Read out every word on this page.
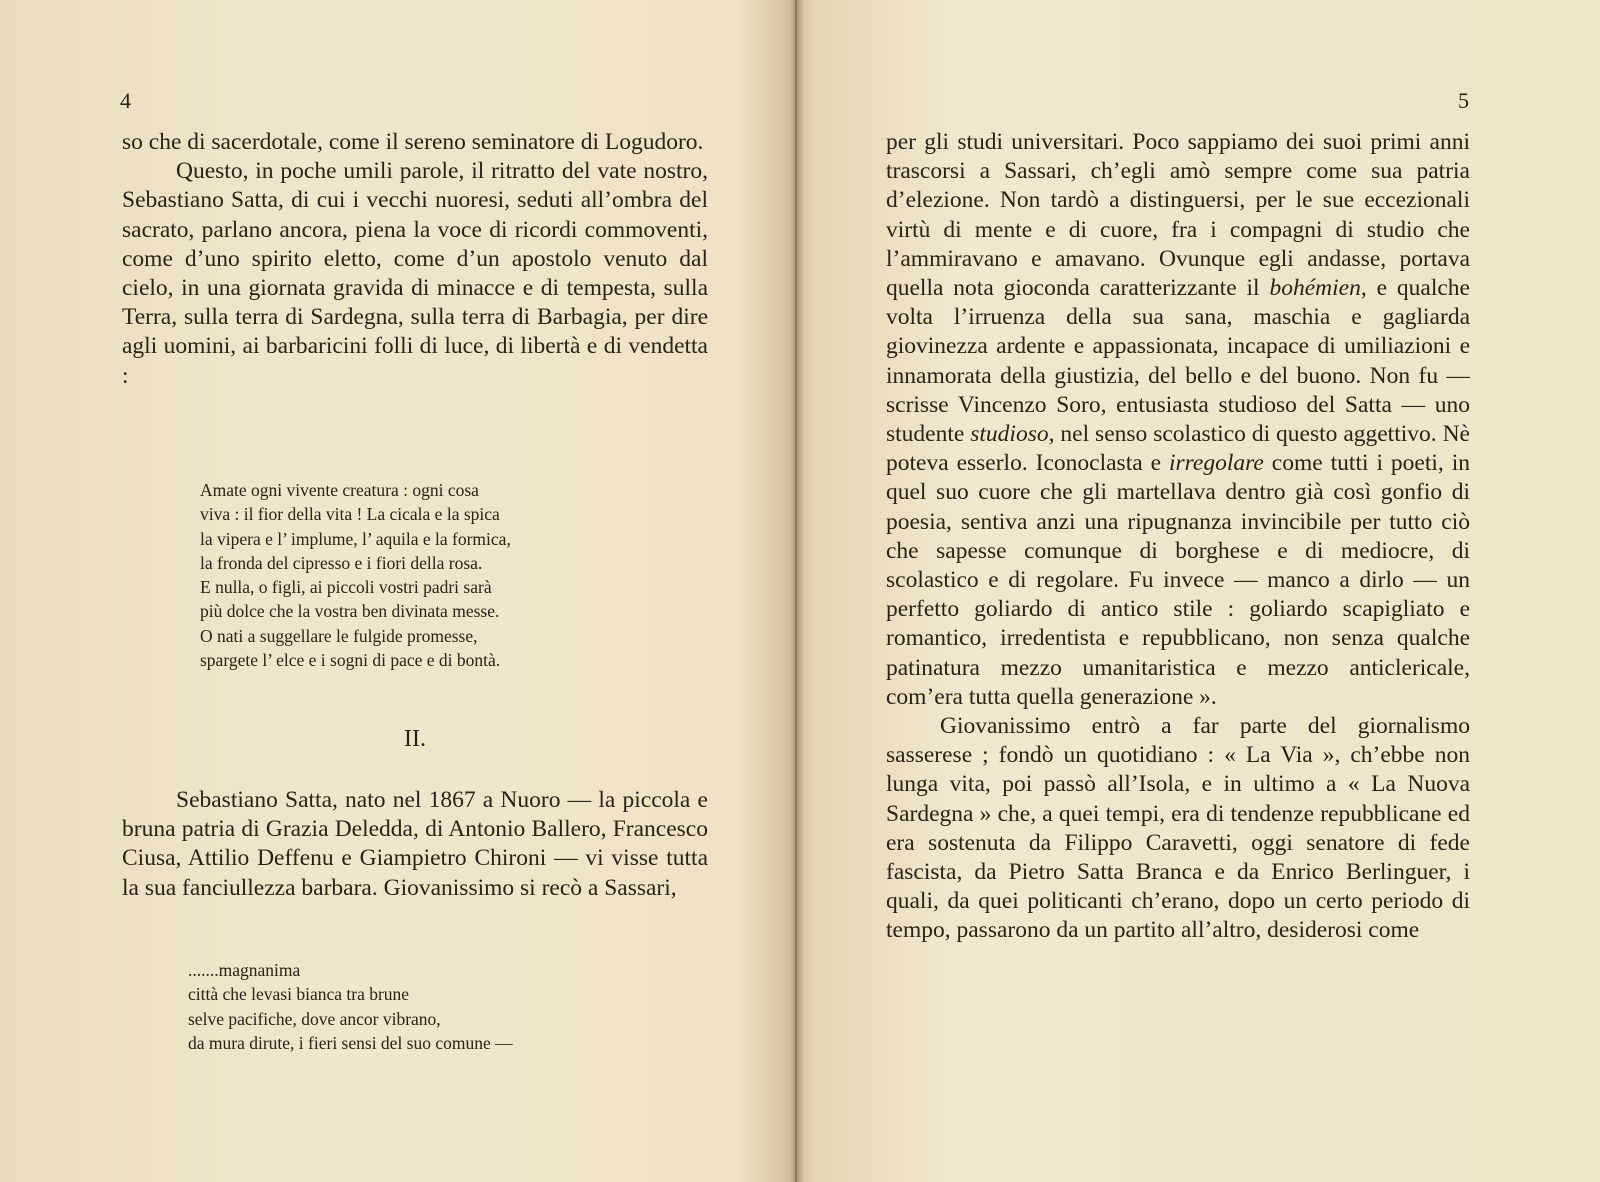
4

so che di sacerdotale, come il sereno seminatore di Logudoro.

Questo, in poche umili parole, il ritratto del vate nostro, Sebastiano Satta, di cui i vecchi nuoresi, seduti all’ombra del sacrato, parlano ancora, piena la voce di ricordi commoventi, come d’uno spirito eletto, come d’un apostolo venuto dal cielo, in una giornata gravida di minacce e di tempesta, sulla Terra, sulla terra di Sardegna, sulla terra di Barbagia, per dire agli uomini, ai barbaricini folli di luce, di libertà e di vendetta :

Amate ogni vivente creatura : ogni cosa
viva : il fior della vita ! La cicala e la spica
la vipera e l’ implume, l’ aquila e la formica,
la fronda del cipresso e i fiori della rosa.
E nulla, o figli, ai piccoli vostri padri sarà
più dolce che la vostra ben divinata messe.
O nati a suggellare le fulgide promesse,
spargete l’ elce e i sogni di pace e di bontà.
II.

Sebastiano Satta, nato nel 1867 a Nuoro — la piccola e bruna patria di Grazia Deledda, di Antonio Ballero, Francesco Ciusa, Attilio Deffenu e Giampietro Chironi — vi visse tutta la sua fanciullezza barbara. Giovanissimo si recò a Sassari,

.......magnanima
città che levasi bianca tra brune
selve pacifiche, dove ancor vibrano,
da mura dirute, i fieri sensi del suo comune —
5

per gli studi universitari. Poco sappiamo dei suoi primi anni trascorsi a Sassari, ch’egli amò sempre come sua patria d’elezione. Non tardò a distinguersi, per le sue eccezionali virtù di mente e di cuore, fra i compagni di studio che l’ammiravano e amavano. Ovunque egli andasse, portava quella nota gioconda caratterizzante il bohémien, e qualche volta l’irruenza della sua sana, maschia e gagliarda giovinezza ardente e appassionata, incapace di umiliazioni e innamorata della giustizia, del bello e del buono. Non fu — scrisse Vincenzo Soro, entusiasta studioso del Satta — uno studente studioso, nel senso scolastico di questo aggettivo. Nè poteva esserlo. Iconoclasta e irregolare come tutti i poeti, in quel suo cuore che gli martellava dentro già così gonfio di poesia, sentiva anzi una ripugnanza invincibile per tutto ciò che sapesse comunque di borghese e di mediocre, di scolastico e di regolare. Fu invece — manco a dirlo — un perfetto goliardo di antico stile : goliardo scapigliato e romantico, irredentista e repubblicano, non senza qualche patinatura mezzo umanitaristica e mezzo anticlericale, com’era tutta quella generazione ».

Giovanissimo entrò a far parte del giornalismo sasserese ; fondò un quotidiano : « La Via », ch’ebbe non lunga vita, poi passò all’Isola, e in ultimo a « La Nuova Sardegna » che, a quei tempi, era di tendenze repubblicane ed era sostenuta da Filippo Caravetti, oggi senatore di fede fascista, da Pietro Satta Branca e da Enrico Berlinguer, i quali, da quei politicanti ch’erano, dopo un certo periodo di tempo, passarono da un partito all’altro, desiderosi come
